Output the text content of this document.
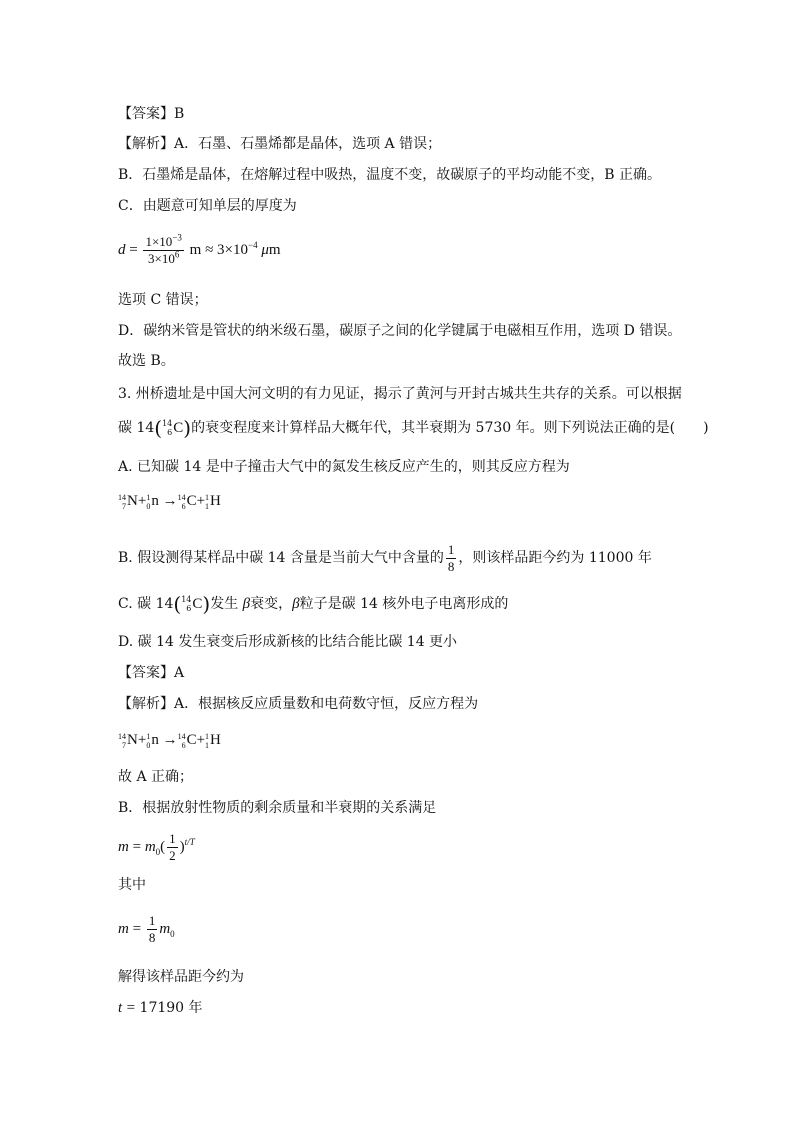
【答案】B
【解析】A．石墨、石墨烯都是晶体，选项 A 错误；
B．石墨烯是晶体，在熔解过程中吸热，温度不变，故碳原子的平均动能不变，B 正确。
C．由题意可知单层的厚度为
$d = \frac{1\times 10^{-3}}{3\times 10^6}$ $m \approx 3\times 10^{-4}$ μm
选项 C 错误；
D．碳纳米管是管状的纳米级石墨，碳原子之间的化学键属于电磁相互作用，选项 D 错误。
故选 B。
3. 州桥遗址是中国大河文明的有力见证，揭示了黄河与开封古城共生共存的关系。可以根据
碳 14( 14
6 C)的衰变程度来计算样品大概年代，其半衰期为 5730 年。则下列说法正确的是(　　)
A. 已知碳 14 是中子撞击大气中的氮发生核反应产生的，则其反应方程为
14
7 N+ 1
0 n → 14
6 C+ 1
1 H
B. 假设测得某样品中碳 14 含量是当前大气中含量的 $\frac{1}{8}$ ，则该样品距今约为 11000 年
C. 碳 14( 14
6 C)发生 β衰变，β粒子是碳 14 核外电子电离形成的
D. 碳 14 发生衰变后形成新核的比结合能比碳 14 更小
【答案】A
【解析】A．根据核反应质量数和电荷数守恒，反应方程为
14
7 N+ 1
0 n → 14
6 C+ 1
1 H
故 A 正确；
B．根据放射性物质的剩余质量和半衰期的关系满足
$m = m_0( \frac{1}{2} )^{t/T}$
其中
$m = \frac{1}{8} m_0$
解得该样品距今约为
t = 17190 年
